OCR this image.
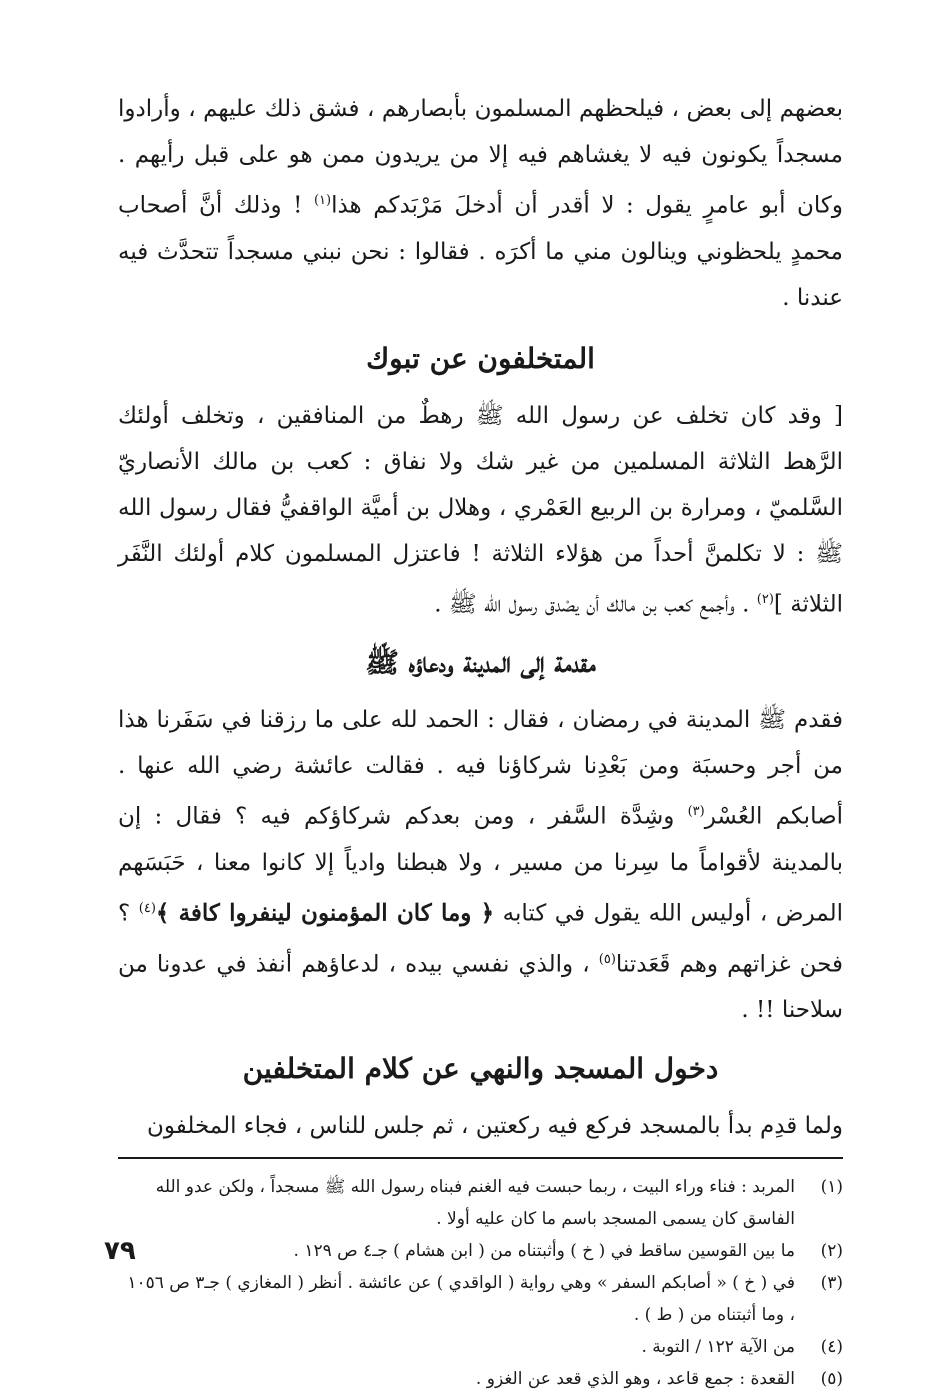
بعضهم إلى بعض ، فيلحظهم المسلمون بأبصارهم ، فشق ذلك عليهم ، وأرادوا مسجداً يكونون فيه لا يغشاهم فيه إلا من يريدون ممن هو على قبل رأيهم . وكان أبو عامرٍ يقول : لا أقدر أن أدخلَ مَرْبَدكم هذا$^{(١)}$ ! وذلك أنَّ أصحاب محمدٍ يلحظوني وينالون مني ما أكرَه . فقالوا : نحن نبني مسجداً تتحدَّث فيه عندنا .

المتخلفون عن تبوك

[ وقد كان تخلف عن رسول الله ﷺ رهطٌ من المنافقين ، وتخلف أولئك الرَّهط الثلاثة المسلمين من غير شك ولا نفاق : كعب بن مالك الأنصاريّ السَّلميّ ، ومرارة بن الربيع العَمْري ، وهلال بن أميَّة الواقفيُّ فقال رسول الله ﷺ : لا تكلمنَّ أحداً من هؤلاء الثلاثة ! فاعتزل المسلمون كلام أولئك النَّفَر الثلاثة ]$^{(٢)}$ . وأجمع كعب بن مالك أن يصْدق رسول الله ﷺ .

مقدمة إلى المدينة ودعاؤه ﷺ

فقدم ﷺ المدينة في رمضان ، فقال : الحمد لله على ما رزقنا في سَفَرنا هذا من أجر وحسبَة ومن بَعْدِنا شركاؤنا فيه . فقالت عائشة رضي الله عنها . أصابكم العُسْر$^{(٣)}$ وشِدَّة السَّفر ، ومن بعدكم شركاؤكم فيه ؟ فقال : إن بالمدينة لأقواماً ما سِرنا من مسير ، ولا هبطنا وادياً إلا كانوا معنا ، حَبَسَهم المرض ، أوليس الله يقول في كتابه ﴿ وما كان المؤمنون لينفروا كافة ﴾$^{(٤)}$ ؟ فحن غزاتهم وهم قَعَدتنا$^{(٥)}$ ، والذي نفسي بيده ، لدعاؤهم أنفذ في عدونا من سلاحنا !! .

دخول المسجد والنهي عن كلام المتخلفين

ولما قدِم بدأ بالمسجد فركع فيه ركعتين ، ثم جلس للناس ، فجاء المخلفون

(١)
المربد : فناء وراء البيت ، ربما حبست فيه الغنم فبناه رسول الله ﷺ مسجداً ، ولكن عدو الله الفاسق كان يسمى المسجد باسم ما كان عليه أولا .
(٢)
ما بين القوسين ساقط في ( خ ) وأثبتناه من ( ابن هشام ) جـ٤ ص ١٢٩ .
(٣)
في ( خ ) « أصابكم السفر » وهي رواية ( الواقدي ) عن عائشة . أنظر ( المغازي ) جـ٣ ص ١٠٥٦ ، وما أثبتناه من ( ط ) .
(٤)
من الآية ١٢٢ / التوبة .
(٥)
القعدة : جمع قاعد ، وهو الذي قعد عن الغزو .
٧٩
